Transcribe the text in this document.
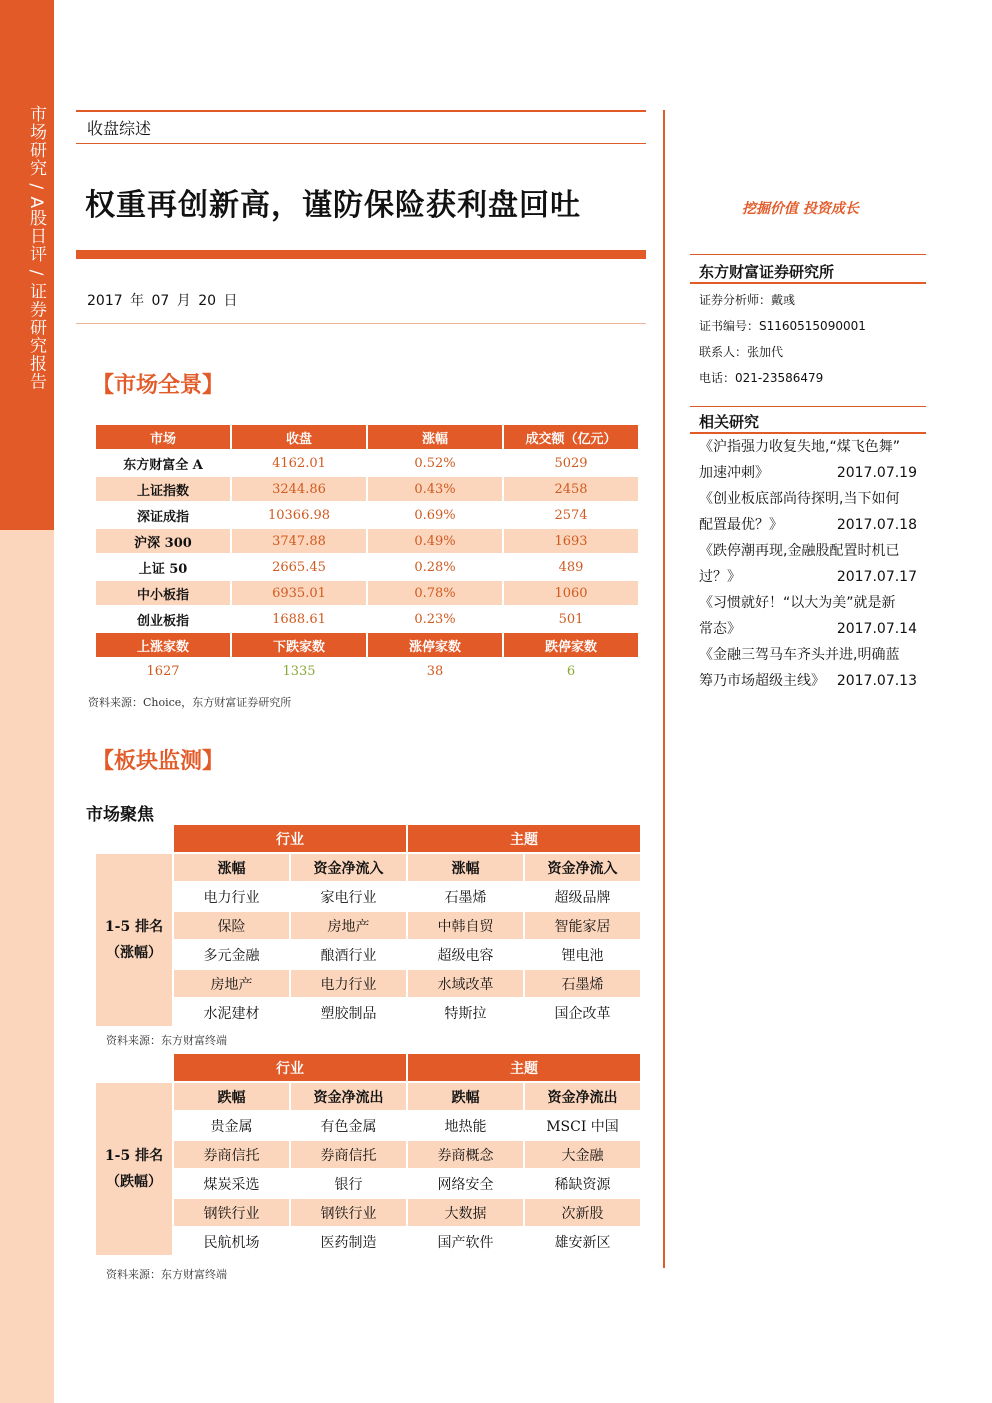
市场研究 / A股日评 / 证券研究报告	收盘综述
权重再创新高，谨防保险获利盘回吐
2017 年 07 月 20 日
挖掘价值 投资成长
【市场全景】
市场	收盘	涨幅	成交额（亿元）
东方财富全 A	4162.01	0.52%	5029
上证指数	3244.86	0.43%	2458
深证成指	10366.98	0.69%	2574
沪深 300	3747.88	0.49%	1693
上证 50	2665.45	0.28%	489
中小板指	6935.01	0.78%	1060
创业板指	1688.61	0.23%	501
上涨家数	下跌家数	涨停家数	跌停家数
1627	1335	38	6
资料来源：Choice，东方财富证券研究所
【板块监测】
市场聚焦
	行业		主题	

1-5 排名
（涨幅）	涨幅	资金净流入	涨幅	资金净流入
	电力行业	家电行业	石墨烯	超级品牌
	保险	房地产	中韩自贸	智能家居
	多元金融	酿酒行业	超级电容	锂电池
	房地产	电力行业	水域改革	石墨烯
	水泥建材	塑胶制品	特斯拉	国企改革
资料来源：东方财富终端
	行业		主题	

1-5 排名
（跌幅）	跌幅	资金净流出	跌幅	资金净流出
	贵金属	有色金属	地热能	MSCI 中国
	券商信托	券商信托	券商概念	大金融
	煤炭采选	银行	网络安全	稀缺资源
	钢铁行业	钢铁行业	大数据	次新股
	民航机场	医药制造	国产软件	雄安新区
资料来源：东方财富终端
东方财富证券研究所
证券分析师：戴彧
证书编号：S1160515090001
联系人：张加代
电话：021-23586479
相关研究
《沪指强力收复失地,“煤飞色舞”
加速冲刺》	2017.07.19
《创业板底部尚待探明,当下如何
配置最优？》	2017.07.18
《跌停潮再现,金融股配置时机已
过？》	2017.07.17
《习惯就好！“以大为美”就是新
常态》	2017.07.14
《金融三驾马车齐头并进,明确蓝
筹乃市场超级主线》 2017.07.13
